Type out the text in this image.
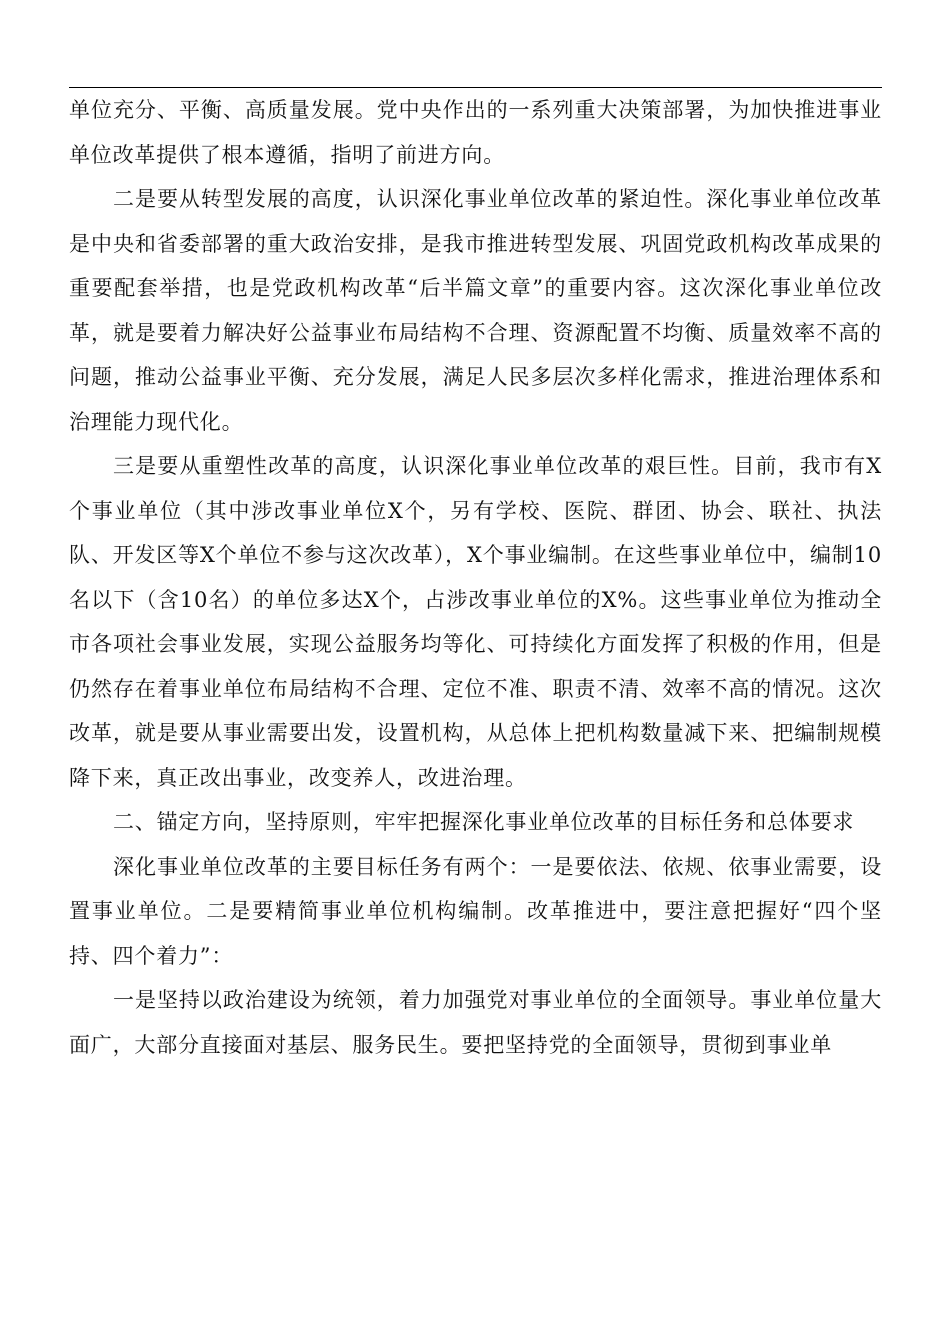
单位充分、平衡、高质量发展。党中央作出的一系列重大决策部署，为加快推进事业单位改革提供了根本遵循，指明了前进方向。

二是要从转型发展的高度，认识深化事业单位改革的紧迫性。深化事业单位改革是中央和省委部署的重大政治安排，是我市推进转型发展、巩固党政机构改革成果的重要配套举措，也是党政机构改革“后半篇文章”的重要内容。这次深化事业单位改革，就是要着力解决好公益事业布局结构不合理、资源配置不均衡、质量效率不高的问题，推动公益事业平衡、充分发展，满足人民多层次多样化需求，推进治理体系和治理能力现代化。

三是要从重塑性改革的高度，认识深化事业单位改革的艰巨性。目前，我市有X个事业单位（其中涉改事业单位X个，另有学校、医院、群团、协会、联社、执法队、开发区等X个单位不参与这次改革），X个事业编制。在这些事业单位中，编制10名以下（含10名）的单位多达X个，占涉改事业单位的X%。这些事业单位为推动全市各项社会事业发展，实现公益服务均等化、可持续化方面发挥了积极的作用，但是仍然存在着事业单位布局结构不合理、定位不准、职责不清、效率不高的情况。这次改革，就是要从事业需要出发，设置机构，从总体上把机构数量减下来、把编制规模降下来，真正改出事业，改变养人，改进治理。

二、锚定方向，坚持原则，牢牢把握深化事业单位改革的目标任务和总体要求

深化事业单位改革的主要目标任务有两个：一是要依法、依规、依事业需要，设置事业单位。二是要精简事业单位机构编制。改革推进中，要注意把握好“四个坚持、四个着力”：

一是坚持以政治建设为统领，着力加强党对事业单位的全面领导。事业单位量大面广，大部分直接面对基层、服务民生。要把坚持党的全面领导，贯彻到事业单
